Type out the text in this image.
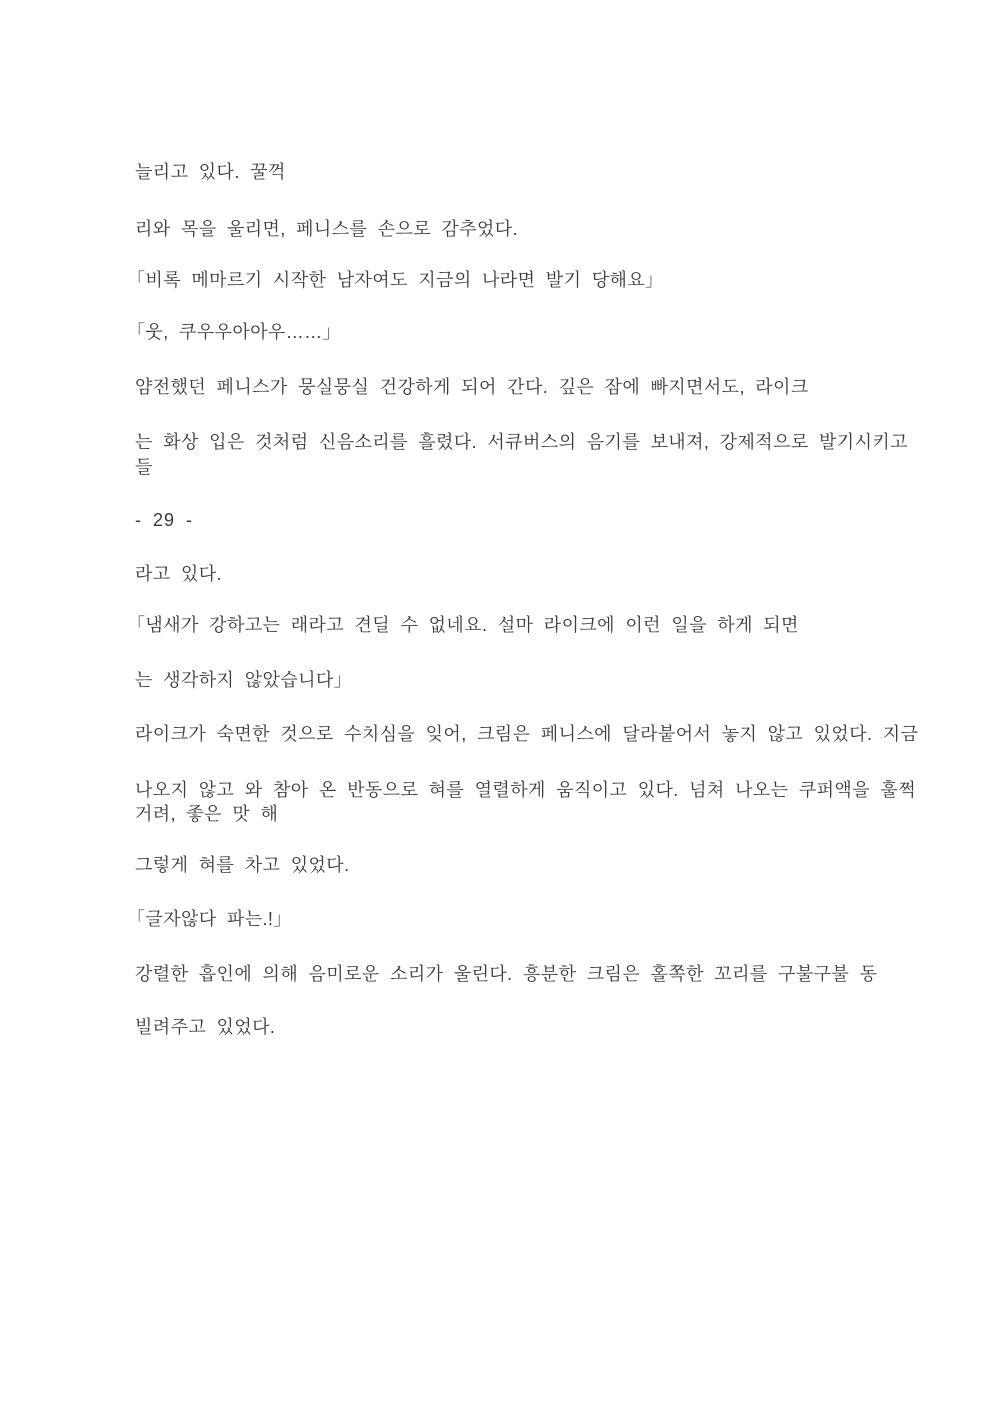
늘리고 있다. 꿀꺽
리와 목을 울리면, 페니스를 손으로 감추었다.
「비록 메마르기 시작한 남자여도 지금의 나라면 발기 당해요」
「웃, 쿠우우아아우……」
얌전했던 페니스가 뭉실뭉실 건강하게 되어 간다. 깊은 잠에 빠지면서도, 라이크
는 화상 입은 것처럼 신음소리를 흘렸다. 서큐버스의 음기를 보내져, 강제적으로 발기시키고
들
- 29 -
라고 있다.
「냄새가 강하고는 래라고 견딜 수 없네요. 설마 라이크에 이런 일을 하게 되면
는 생각하지 않았습니다」
라이크가 숙면한 것으로 수치심을 잊어, 크림은 페니스에 달라붙어서 놓지 않고 있었다. 지금
나오지 않고 와 참아 온 반동으로 혀를 열렬하게 움직이고 있다. 넘쳐 나오는 쿠퍼액을 훌쩍
거려, 좋은 맛 해
그렇게 혀를 차고 있었다.
「글자않다 파는.!」
강렬한 흡인에 의해 음미로운 소리가 울린다. 흥분한 크림은 홀쪽한 꼬리를 구불구불 동
빌려주고 있었다.
